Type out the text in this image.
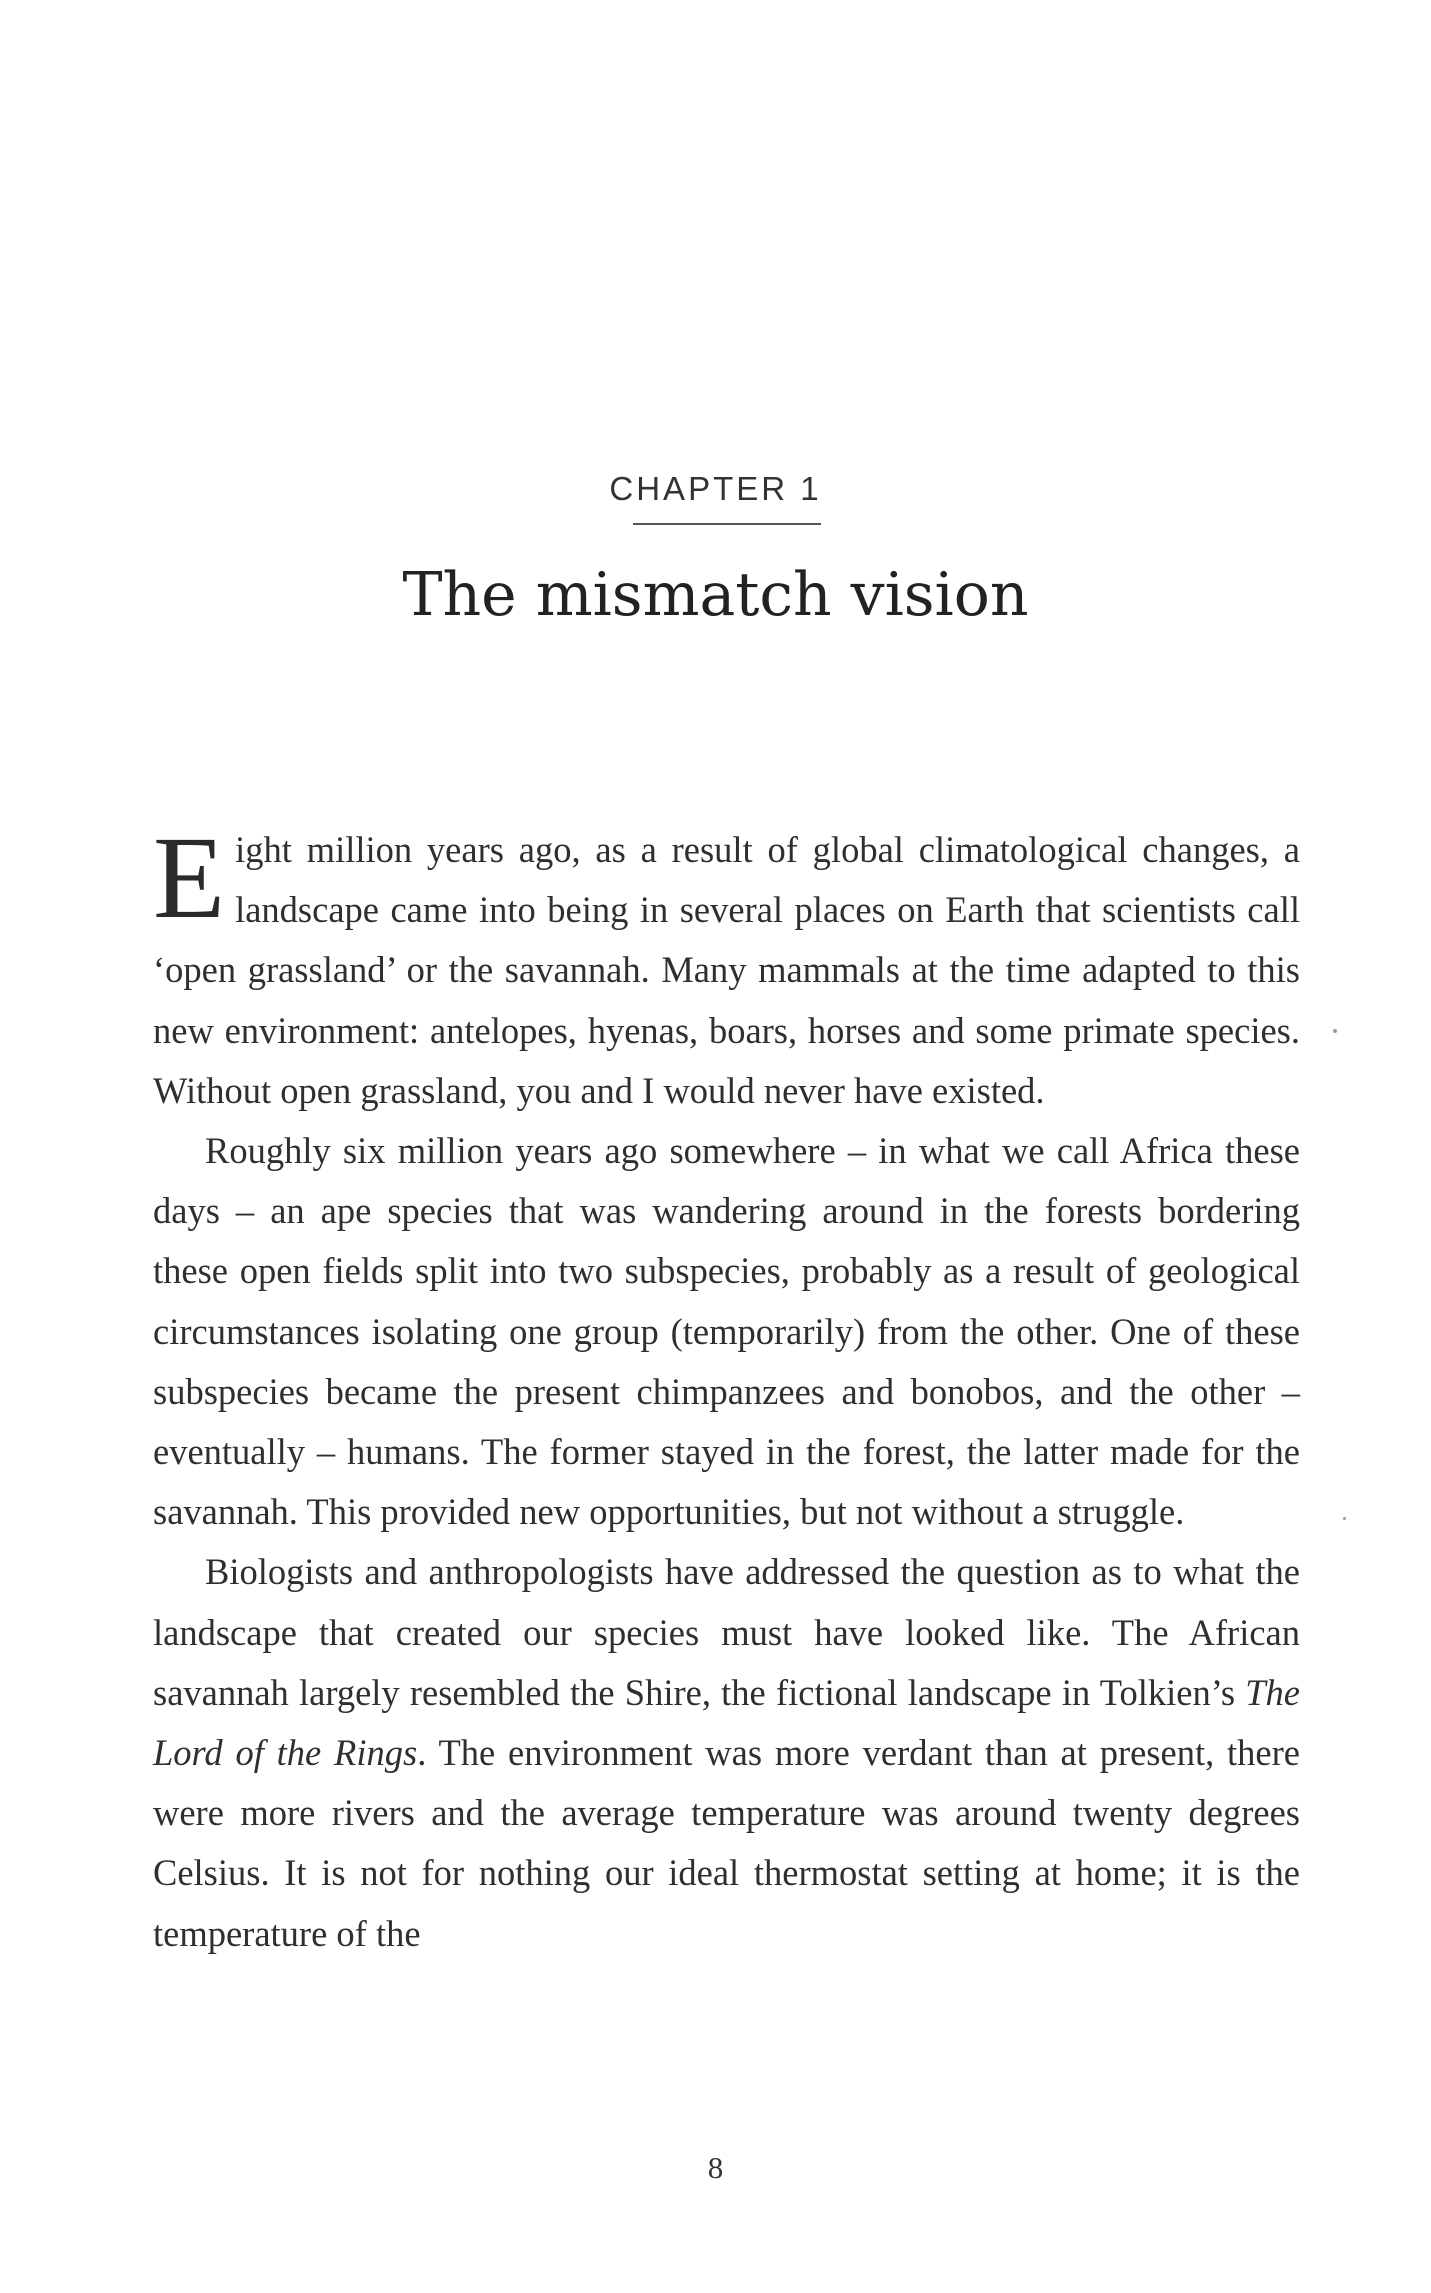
CHAPTER 1
The mismatch vision

Eight million years ago, as a result of global climatological changes, a landscape came into being in several places on Earth that scientists call ‘open grassland’ or the savannah. Many mammals at the time adapted to this new environment: antelopes, hyenas, boars, horses and some primate species. Without open grassland, you and I would never have existed.

Roughly six million years ago somewhere – in what we call Africa these days – an ape species that was wandering around in the forests bordering these open fields split into two subspecies, probably as a result of geological circumstances isolating one group (temporarily) from the other. One of these subspecies became the present chimpanzees and bonobos, and the other – eventually – humans. The former stayed in the forest, the latter made for the savannah. This provided new opportunities, but not without a struggle.

Biologists and anthropologists have addressed the question as to what the landscape that created our species must have looked like. The African savannah largely resembled the Shire, the fictional landscape in Tolkien’s The Lord of the Rings. The environment was more verdant than at present, there were more rivers and the average temperature was around twenty degrees Celsius. It is not for nothing our ideal thermostat setting at home; it is the temperature of the

8
